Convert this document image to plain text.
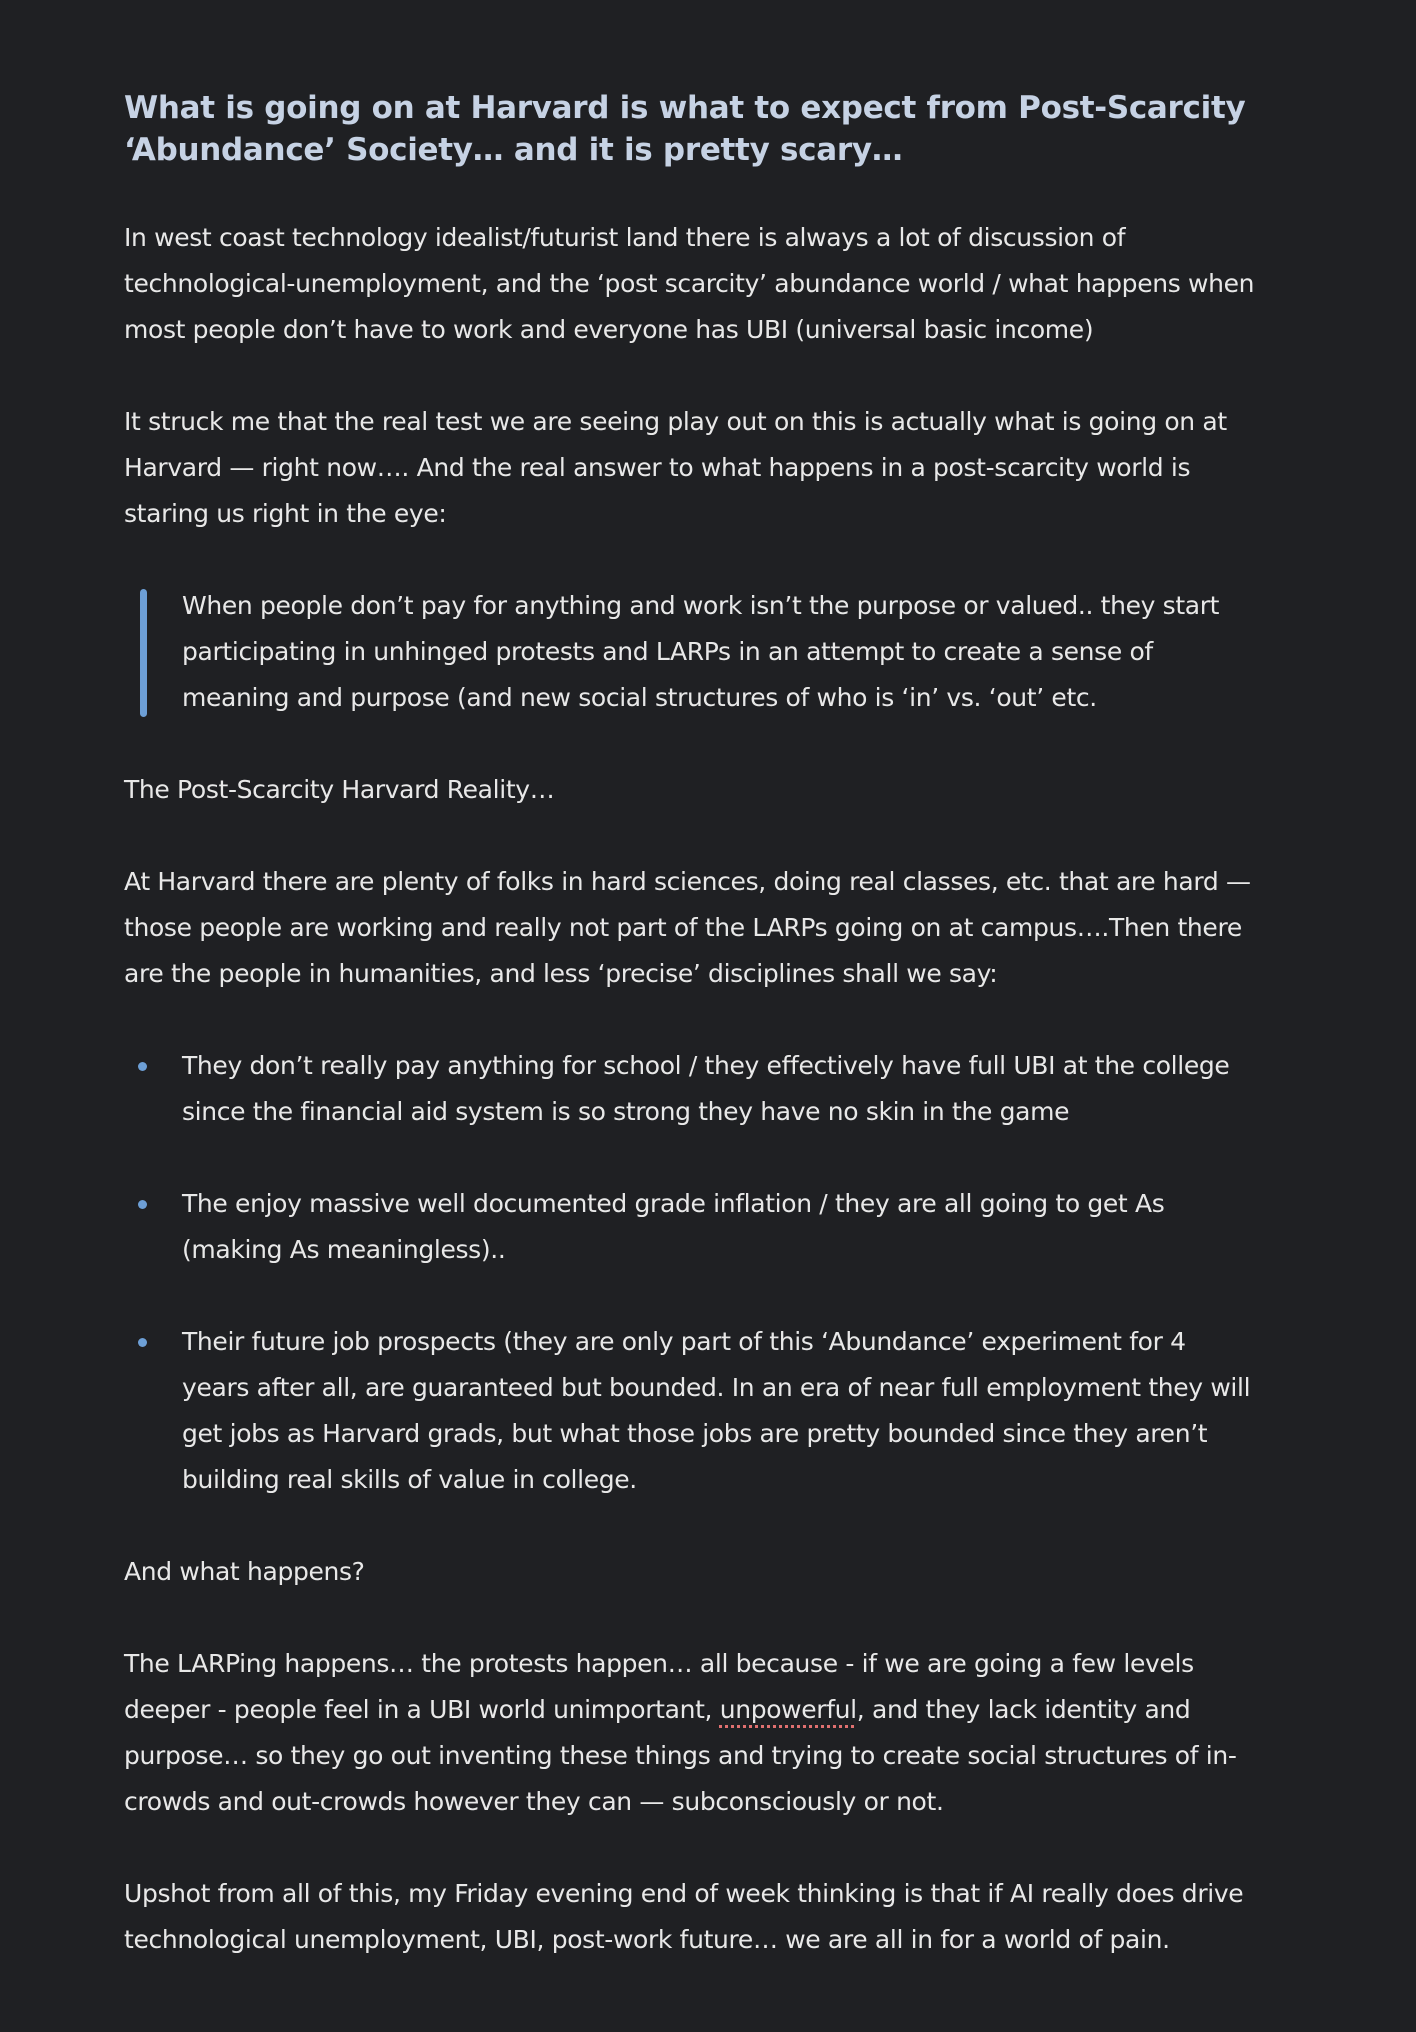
What is going on at Harvard is what to expect from Post-Scarcity ‘Abundance’ Society… and it is pretty scary…

In west coast technology idealist/futurist land there is always a lot of discussion of technological-unemployment, and the ‘post scarcity’ abundance world / what happens when most people don’t have to work and everyone has UBI (universal basic income)

It struck me that the real test we are seeing play out on this is actually what is going on at Harvard — right now…. And the real answer to what happens in a post-scarcity world is staring us right in the eye:

When people don’t pay for anything and work isn’t the purpose or valued.. they start participating in unhinged protests and LARPs in an attempt to create a sense of meaning and purpose (and new social structures of who is ‘in’ vs. ‘out’ etc.

The Post-Scarcity Harvard Reality…

At Harvard there are plenty of folks in hard sciences, doing real classes, etc. that are hard — those people are working and really not part of the LARPs going on at campus….Then there are the people in humanities, and less ‘precise’ disciplines shall we say:

They don’t really pay anything for school / they effectively have full UBI at the college since the financial aid system is so strong they have no skin in the game
The enjoy massive well documented grade inflation / they are all going to get As (making As meaningless)..
Their future job prospects (they are only part of this ‘Abundance’ experiment for 4 years after all, are guaranteed but bounded. In an era of near full employment they will get jobs as Harvard grads, but what those jobs are pretty bounded since they aren’t building real skills of value in college.

And what happens?

The LARPing happens… the protests happen… all because - if we are going a few levels deeper - people feel in a UBI world unimportant, unpowerful, and they lack identity and purpose… so they go out inventing these things and trying to create social structures of in-crowds and out-crowds however they can — subconsciously or not.

Upshot from all of this, my Friday evening end of week thinking is that if AI really does drive technological unemployment, UBI, post-work future… we are all in for a world of pain.
